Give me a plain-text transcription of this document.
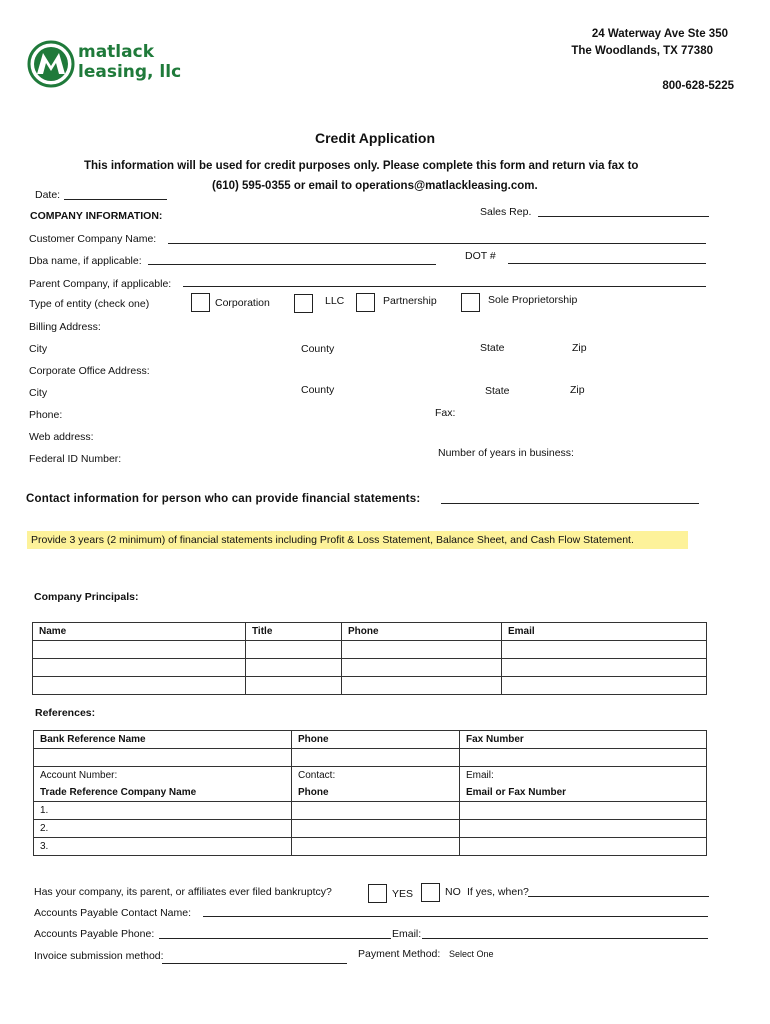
matlack
leasing, llc
24 Waterway Ave Ste 350
The Woodlands, TX 77380
800-628-5225
Credit Application
This information will be used for credit purposes only. Please complete this form and return via fax to
(610) 595-0355 or email to operations@matlackleasing.com.
Date:
COMPANY INFORMATION:	Sales Rep.
Customer Company Name:
Dba name, if applicable:	DOT #
Parent Company, if applicable:
Type of entity (check one)	Corporation	LLC	Partnership	Sole Proprietorship
Billing Address:
City	County	State	Zip
Corporate Office Address:
City	County	State	Zip
Phone:	Fax:
Web address:
Federal ID Number:	Number of years in business:
Contact information for person who can provide financial statements:
Provide 3 years (2 minimum) of financial statements including Profit & Loss Statement, Balance Sheet, and Cash Flow Statement.
Company Principals:
Name	Title	Phone	Email

References:
Bank Reference Name	Phone	Fax Number

Account Number:	Contact:	Email:
Trade Reference Company Name	Phone	Email or Fax Number
1.		
2.		
3.		
Has your company, its parent, or affiliates ever filed bankruptcy?	YES	NO If yes, when?
Accounts Payable Contact Name:
Accounts Payable Phone:	Email:
Invoice submission method:	Payment Method: Select One
